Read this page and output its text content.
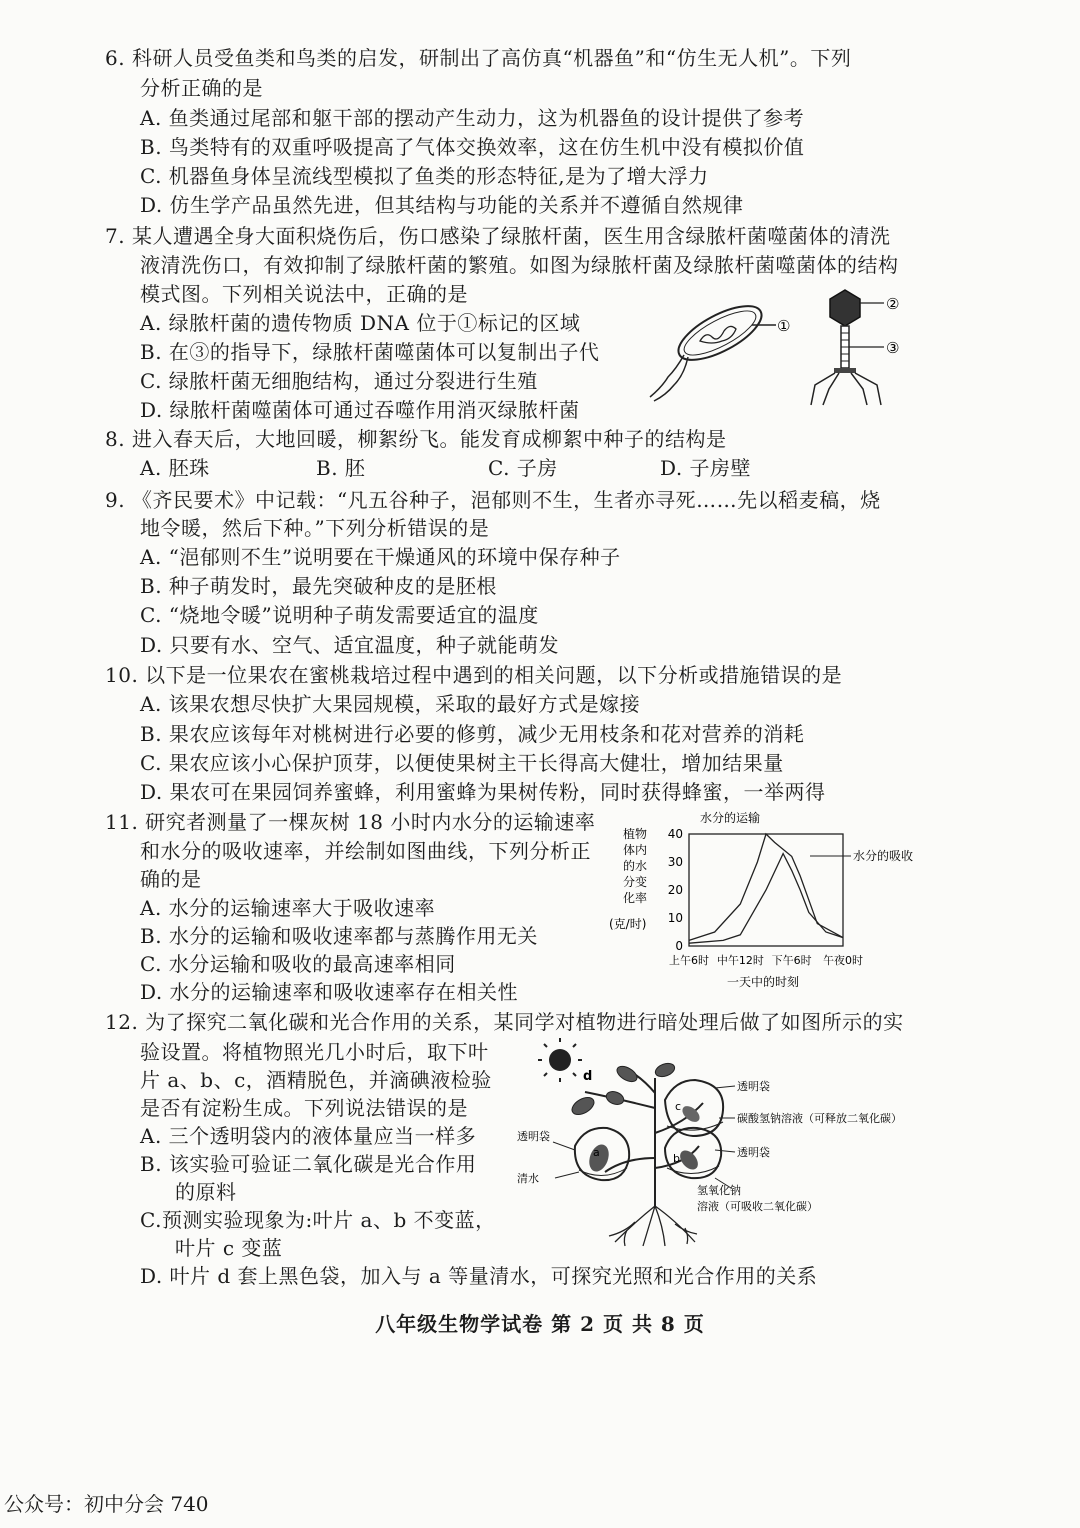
6. 科研人员受鱼类和鸟类的启发，研制出了高仿真“机器鱼”和“仿生无人机”。下列
分析正确的是
A. 鱼类通过尾部和躯干部的摆动产生动力，这为机器鱼的设计提供了参考
B. 鸟类特有的双重呼吸提高了气体交换效率，这在仿生机中没有模拟价值
C. 机器鱼身体呈流线型模拟了鱼类的形态特征,是为了增大浮力
D. 仿生学产品虽然先进，但其结构与功能的关系并不遵循自然规律
7. 某人遭遇全身大面积烧伤后，伤口感染了绿脓杆菌，医生用含绿脓杆菌噬菌体的清洗
液清洗伤口，有效抑制了绿脓杆菌的繁殖。如图为绿脓杆菌及绿脓杆菌噬菌体的结构
模式图。下列相关说法中，正确的是
A. 绿脓杆菌的遗传物质 DNA 位于①标记的区域
B. 在③的指导下，绿脓杆菌噬菌体可以复制出子代
C. 绿脓杆菌无细胞结构，通过分裂进行生殖
D. 绿脓杆菌噬菌体可通过吞噬作用消灭绿脓杆菌
①
②
③
8. 进入春天后，大地回暖，柳絮纷飞。能发育成柳絮中种子的结构是
A. 胚珠	B. 胚	C. 子房	D. 子房壁
9. 《齐民要术》中记载：“凡五谷种子，浥郁则不生，生者亦寻死……先以稻麦稿，烧
地令暖，然后下种。”下列分析错误的是
A. “浥郁则不生”说明要在干燥通风的环境中保存种子
B. 种子萌发时，最先突破种皮的是胚根
C. “烧地令暖”说明种子萌发需要适宜的温度
D. 只要有水、空气、适宜温度，种子就能萌发
10. 以下是一位果农在蜜桃栽培过程中遇到的相关问题，以下分析或措施错误的是
A. 该果农想尽快扩大果园规模，采取的最好方式是嫁接
B. 果农应该每年对桃树进行必要的修剪，减少无用枝条和花对营养的消耗
C. 果农应该小心保护顶芽，以便使果树主干长得高大健壮，增加结果量
D. 果农可在果园饲养蜜蜂，利用蜜蜂为果树传粉，同时获得蜂蜜，一举两得
11. 研究者测量了一棵灰树 18 小时内水分的运输速率
和水分的吸收速率，并绘制如图曲线，下列分析正
确的是
A. 水分的运输速率大于吸收速率
B. 水分的运输和吸收速率都与蒸腾作用无关
C. 水分运输和吸收的最高速率相同
D. 水分的运输速率和吸收速率存在相关性
植物
体内
的水
分变
化率
(克/时)
0
10
20
30
40
上午6时 中午12时 下午6时 午夜0时
水分的运输
水分的吸收
一天中的时刻
12. 为了探究二氧化碳和光合作用的关系，某同学对植物进行暗处理后做了如图所示的实
验设置。将植物照光几小时后，取下叶
片 a、b、c，酒精脱色，并滴碘液检验
是否有淀粉生成。下列说法错误的是
A. 三个透明袋内的液体量应当一样多
B. 该实验可验证二氧化碳是光合作用
的原料
C.预测实验现象为:叶片 a、b 不变蓝，
叶片 c 变蓝
D. 叶片 d 套上黑色袋，加入与 a 等量清水，可探究光照和光合作用的关系
d
a	b
c
透明袋
碳酸氢钠溶液（可释放二氧化碳）
透明袋
氢氧化钠
溶液（可吸收二氧化碳）
透明袋
清水
八年级生物学试卷 第 2 页 共 8 页
公众号：初中分会 740
